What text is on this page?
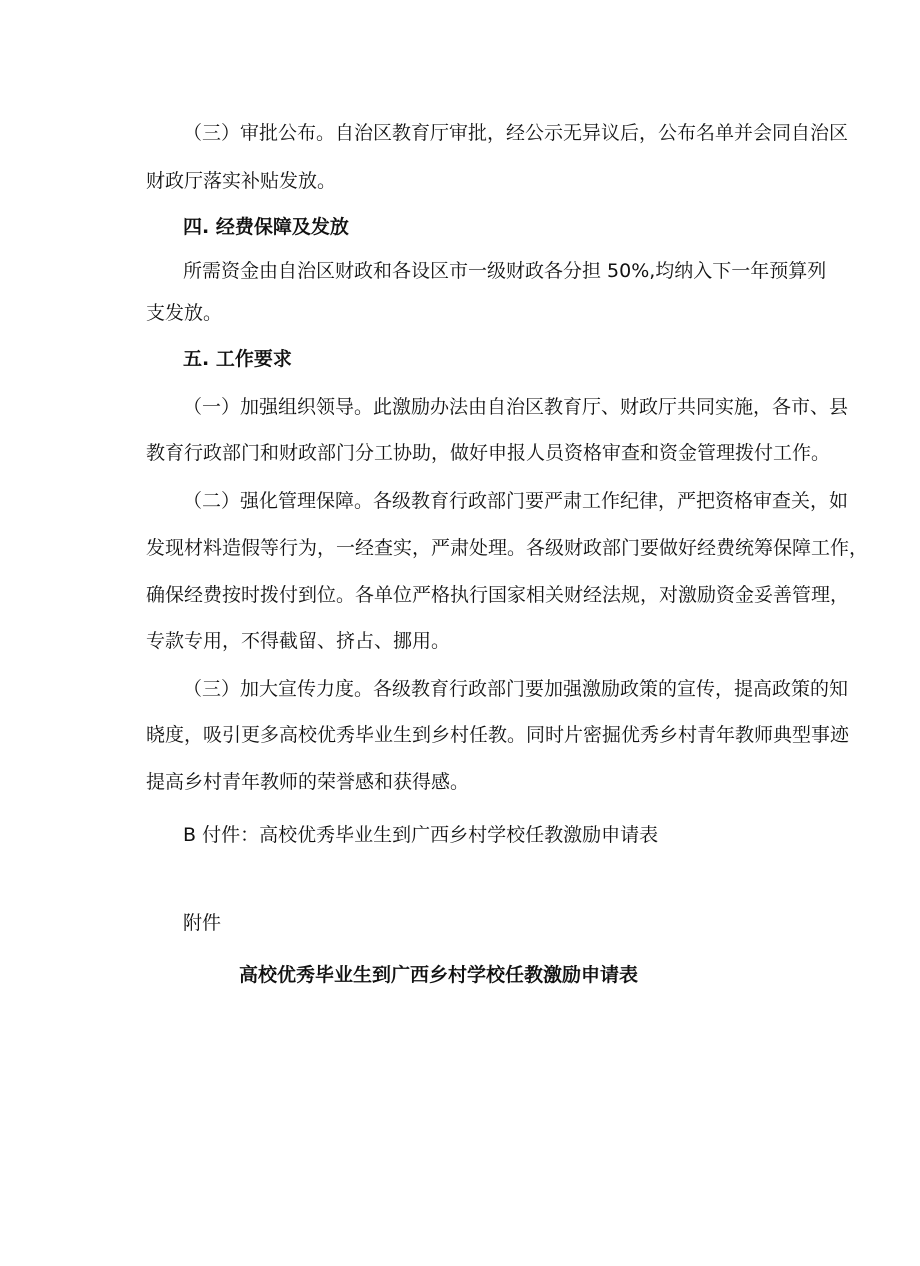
（三）审批公布。自治区教育厅审批，经公示无异议后，公布名单并会同自治区
财政厅落实补贴发放。
四. 经费保障及发放
所需资金由自治区财政和各设区市一级财政各分担 50%,均纳入下一年预算列
支发放。
五. 工作要求
（一）加强组织领导。此激励办法由自治区教育厅、财政厅共同实施，各市、县
教育行政部门和财政部门分工协助，做好申报人员资格审查和资金管理拨付工作。
（二）强化管理保障。各级教育行政部门要严肃工作纪律，严把资格审查关，如
发现材料造假等行为，一经查实，严肃处理。各级财政部门要做好经费统筹保障工作，
确保经费按时拨付到位。各单位严格执行国家相关财经法规，对激励资金妥善管理，
专款专用，不得截留、挤占、挪用。
（三）加大宣传力度。各级教育行政部门要加强激励政策的宣传，提高政策的知
晓度，吸引更多高校优秀毕业生到乡村任教。同时片密掘优秀乡村青年教师典型事迹
提高乡村青年教师的荣誉感和获得感。
B 付件：高校优秀毕业生到广西乡村学校任教激励申请表
附件
高校优秀毕业生到广西乡村学校任教激励申请表
